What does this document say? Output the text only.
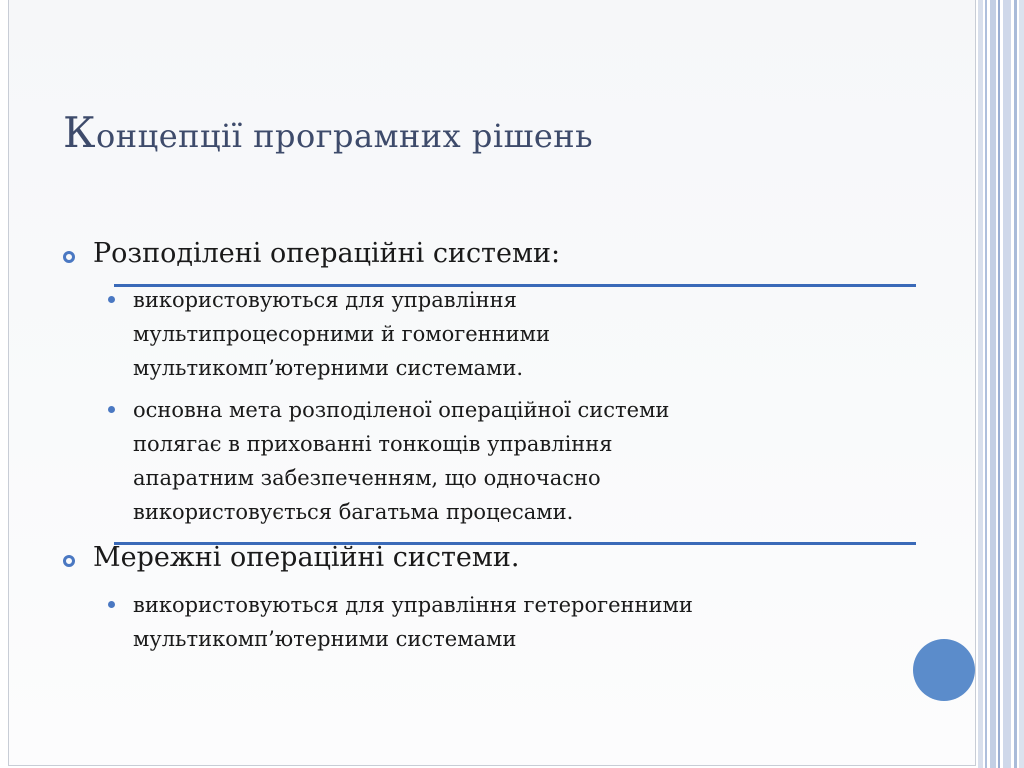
Концепції програмних рішень
Розподілені операційні системи:
використовуються для управління
мультипроцесорними й гомогенними
мультикомп’ютерними системами.
основна мета розподіленої операційної системи
полягає в прихованні тонкощів управління
апаратним забезпеченням, що одночасно
використовується багатьма процесами.
Мережні операційні системи.
використовуються для управління гетерогенними
мультикомп’ютерними системами
